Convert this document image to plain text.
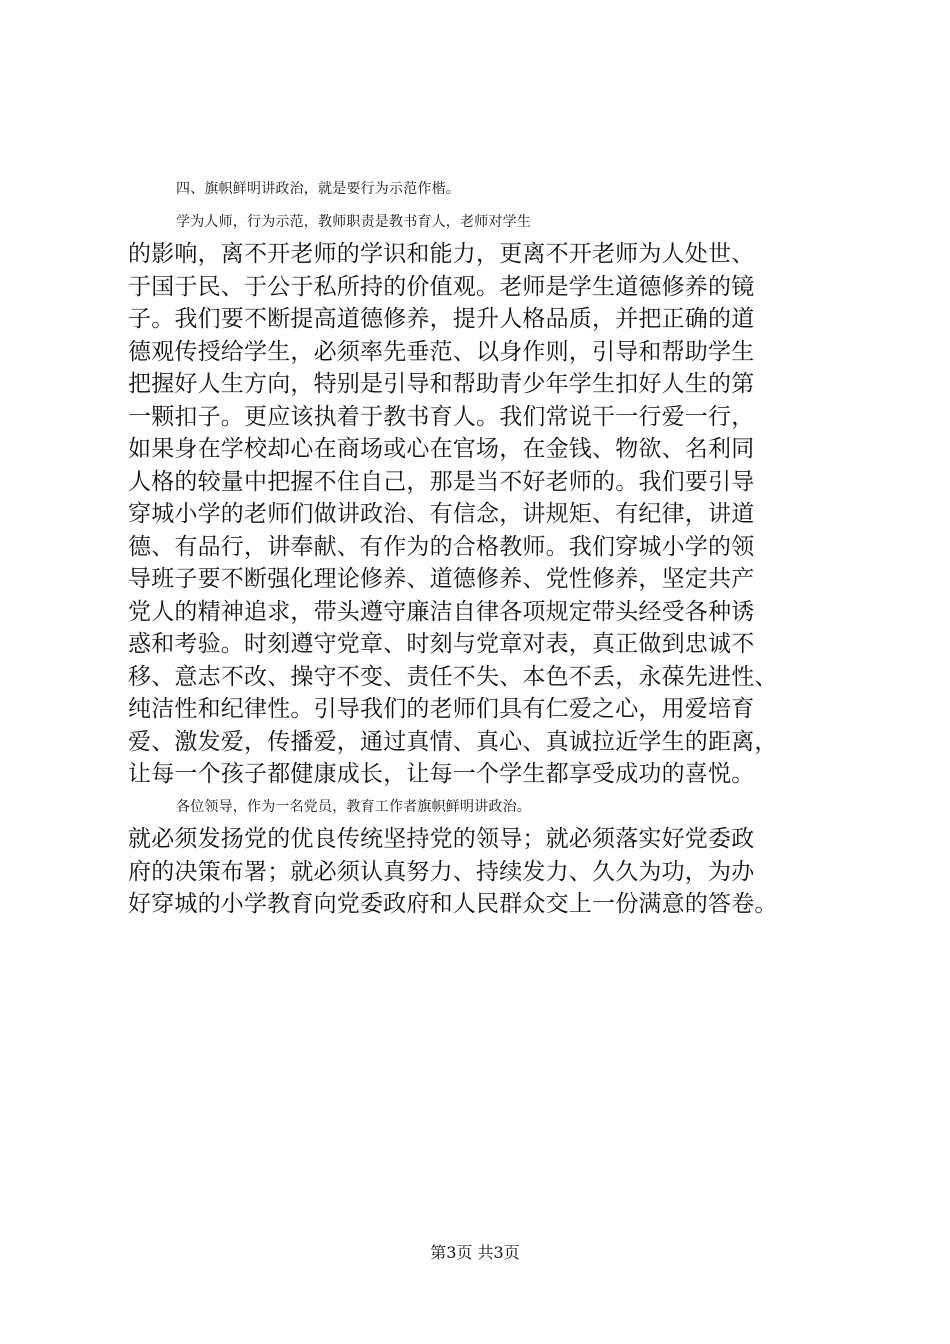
四、旗帜鲜明讲政治，就是要行为示范作楷。
学为人师，行为示范，教师职责是教书育人，老师对学生
的影响，离不开老师的学识和能力，更离不开老师为人处世、
于国于民、于公于私所持的价值观。老师是学生道德修养的镜
子。我们要不断提高道德修养，提升人格品质，并把正确的道
德观传授给学生，必须率先垂范、以身作则，引导和帮助学生
把握好人生方向，特别是引导和帮助青少年学生扣好人生的第
一颗扣子。更应该执着于教书育人。我们常说干一行爱一行，
如果身在学校却心在商场或心在官场，在金钱、物欲、名利同
人格的较量中把握不住自己，那是当不好老师的。我们要引导
穿城小学的老师们做讲政治、有信念，讲规矩、有纪律，讲道
德、有品行，讲奉献、有作为的合格教师。我们穿城小学的领
导班子要不断强化理论修养、道德修养、党性修养，坚定共产
党人的精神追求，带头遵守廉洁自律各项规定带头经受各种诱
惑和考验。时刻遵守党章、时刻与党章对表，真正做到忠诚不
移、意志不改、操守不变、责任不失、本色不丢，永葆先进性、
纯洁性和纪律性。引导我们的老师们具有仁爱之心，用爱培育
爱、激发爱，传播爱，通过真情、真心、真诚拉近学生的距离，
让每一个孩子都健康成长，让每一个学生都享受成功的喜悦。
各位领导，作为一名党员，教育工作者旗帜鲜明讲政治。
就必须发扬党的优良传统坚持党的领导；就必须落实好党委政
府的决策布署；就必须认真努力、持续发力、久久为功，为办
好穿城的小学教育向党委政府和人民群众交上一份满意的答卷。
第3页 共3页
